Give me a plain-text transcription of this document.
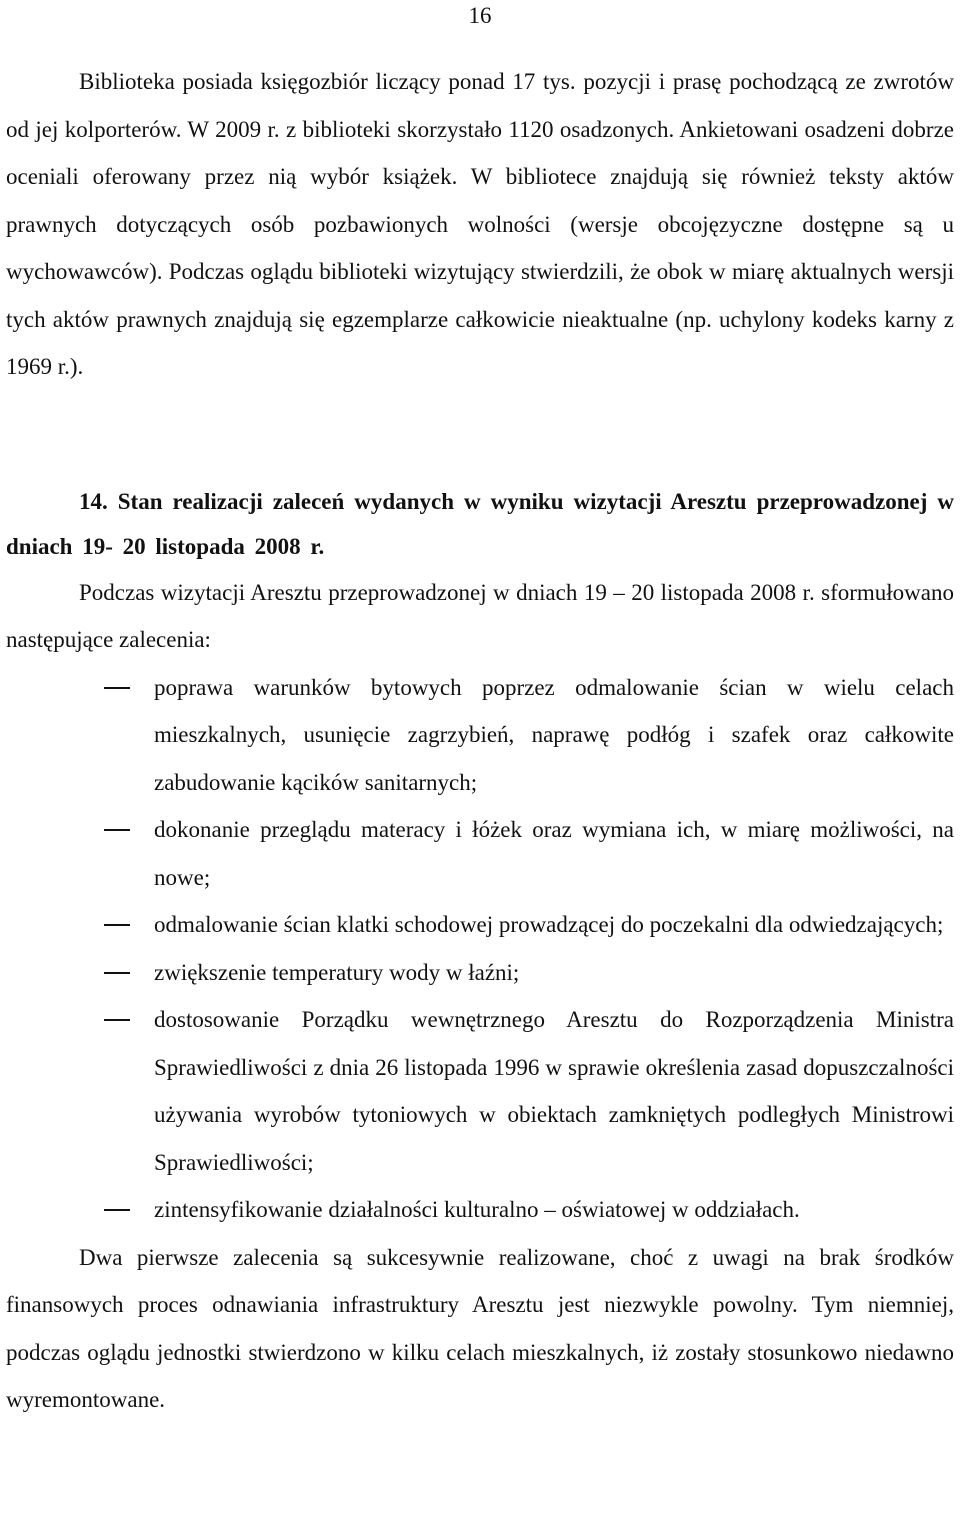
16

Biblioteka posiada księgozbiór liczący ponad 17 tys. pozycji i prasę pochodzącą ze zwrotów od jej kolporterów. W 2009 r. z biblioteki skorzystało 1120 osadzonych. Ankietowani osadzeni dobrze oceniali oferowany przez nią wybór książek. W bibliotece znajdują się również teksty aktów prawnych dotyczących osób pozbawionych wolności (wersje obcojęzyczne dostępne są u wychowawców). Podczas oglądu biblioteki wizytujący stwierdzili, że obok w miarę aktualnych wersji tych aktów prawnych znajdują się egzemplarze całkowicie nieaktualne (np. uchylony kodeks karny z 1969 r.).

14. Stan realizacji zaleceń wydanych w wyniku wizytacji Aresztu przeprowadzonej w dniach 19- 20 listopada 2008 r.

Podczas wizytacji Aresztu przeprowadzonej w dniach 19 – 20 listopada 2008 r. sformułowano następujące zalecenia:

poprawa warunków bytowych poprzez odmalowanie ścian w wielu celach mieszkalnych, usunięcie zagrzybień, naprawę podłóg i szafek oraz całkowite zabudowanie kącików sanitarnych;
dokonanie przeglądu materacy i łóżek oraz wymiana ich, w miarę możliwości, na nowe;
odmalowanie ścian klatki schodowej prowadzącej do poczekalni dla odwiedzających;
zwiększenie temperatury wody w łaźni;
dostosowanie Porządku wewnętrznego Aresztu do Rozporządzenia Ministra Sprawiedliwości z dnia 26 listopada 1996 w sprawie określenia zasad dopuszczalności używania wyrobów tytoniowych w obiektach zamkniętych podległych Ministrowi Sprawiedliwości;
zintensyfikowanie działalności kulturalno – oświatowej w oddziałach.

Dwa pierwsze zalecenia są sukcesywnie realizowane, choć z uwagi na brak środków finansowych proces odnawiania infrastruktury Aresztu jest niezwykle powolny. Tym niemniej, podczas oglądu jednostki stwierdzono w kilku celach mieszkalnych, iż zostały stosunkowo niedawno wyremontowane.
